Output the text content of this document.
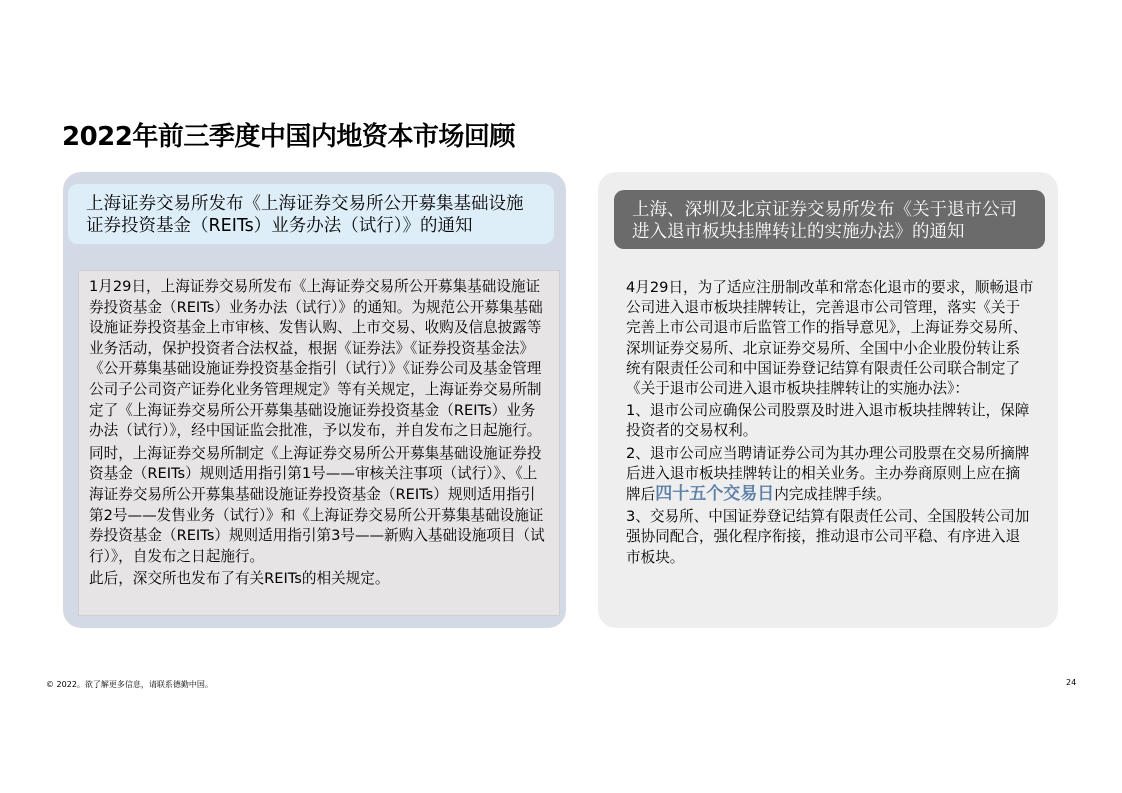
2022年前三季度中国内地资本市场回顾
上海证券交易所发布《上海证券交易所公开募集基础设施证券投资基金（REITs）业务办法（试行）》的通知

1月29日，上海证券交易所发布《上海证券交易所公开募集基础设施证券投资基金（REITs）业务办法（试行）》的通知。为规范公开募集基础设施证券投资基金上市审核、发售认购、上市交易、收购及信息披露等业务活动，保护投资者合法权益，根据《证券法》《证券投资基金法》《公开募集基础设施证券投资基金指引（试行）》《证券公司及基金管理公司子公司资产证券化业务管理规定》等有关规定，上海证券交易所制定了《上海证券交易所公开募集基础设施证券投资基金（REITs）业务办法（试行）》，经中国证监会批准，予以发布，并自发布之日起施行。

同时，上海证券交易所制定《上海证券交易所公开募集基础设施证券投资基金（REITs）规则适用指引第1号——审核关注事项（试行）》、《上海证券交易所公开募集基础设施证券投资基金（REITs）规则适用指引第2号——发售业务（试行）》和《上海证券交易所公开募集基础设施证券投资基金（REITs）规则适用指引第3号——新购入基础设施项目（试行）》，自发布之日起施行。

此后，深交所也发布了有关REITs的相关规定。

上海、深圳及北京证券交易所发布《关于退市公司进入退市板块挂牌转让的实施办法》的通知

4月29日，为了适应注册制改革和常态化退市的要求，顺畅退市公司进入退市板块挂牌转让，完善退市公司管理，落实《关于完善上市公司退市后监管工作的指导意见》，上海证券交易所、深圳证券交易所、北京证券交易所、全国中小企业股份转让系统有限责任公司和中国证券登记结算有限责任公司联合制定了《关于退市公司进入退市板块挂牌转让的实施办法》：

1、退市公司应确保公司股票及时进入退市板块挂牌转让，保障投资者的交易权利。

2、退市公司应当聘请证券公司为其办理公司股票在交易所摘牌后进入退市板块挂牌转让的相关业务。主办券商原则上应在摘牌后四十五个交易日内完成挂牌手续。

3、交易所、中国证券登记结算有限责任公司、全国股转公司加强协同配合，强化程序衔接，推动退市公司平稳、有序进入退市板块。

© 2022。欲了解更多信息，请联系德勤中国。	24
